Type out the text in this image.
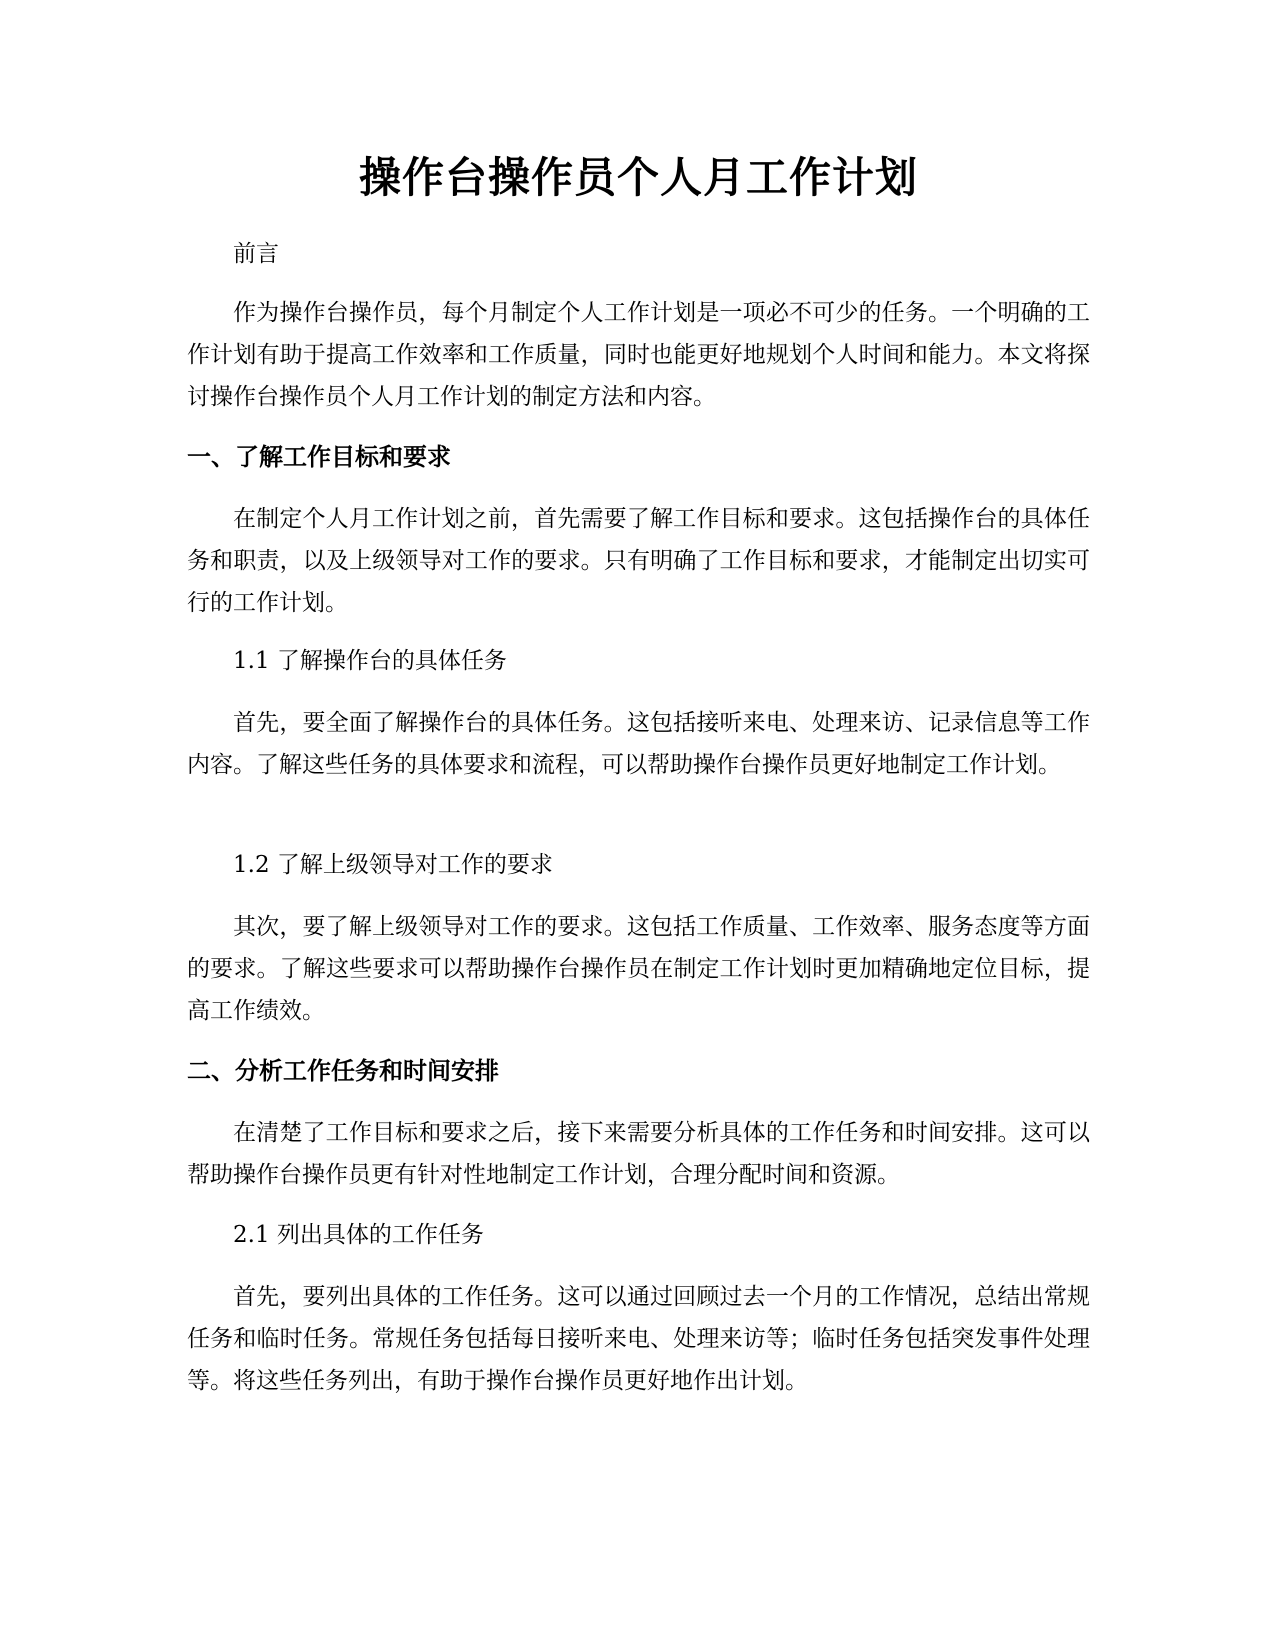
操作台操作员个人月工作计划

前言

作为操作台操作员，每个月制定个人工作计划是一项必不可少的任务。一个明确的工作计划有助于提高工作效率和工作质量，同时也能更好地规划个人时间和能力。本文将探讨操作台操作员个人月工作计划的制定方法和内容。

一、了解工作目标和要求

在制定个人月工作计划之前，首先需要了解工作目标和要求。这包括操作台的具体任务和职责，以及上级领导对工作的要求。只有明确了工作目标和要求，才能制定出切实可行的工作计划。

1.1 了解操作台的具体任务

首先，要全面了解操作台的具体任务。这包括接听来电、处理来访、记录信息等工作内容。了解这些任务的具体要求和流程，可以帮助操作台操作员更好地制定工作计划。

1.2 了解上级领导对工作的要求

其次，要了解上级领导对工作的要求。这包括工作质量、工作效率、服务态度等方面的要求。了解这些要求可以帮助操作台操作员在制定工作计划时更加精确地定位目标，提高工作绩效。

二、分析工作任务和时间安排

在清楚了工作目标和要求之后，接下来需要分析具体的工作任务和时间安排。这可以帮助操作台操作员更有针对性地制定工作计划，合理分配时间和资源。

2.1 列出具体的工作任务

首先，要列出具体的工作任务。这可以通过回顾过去一个月的工作情况，总结出常规任务和临时任务。常规任务包括每日接听来电、处理来访等；临时任务包括突发事件处理等。将这些任务列出，有助于操作台操作员更好地作出计划。
